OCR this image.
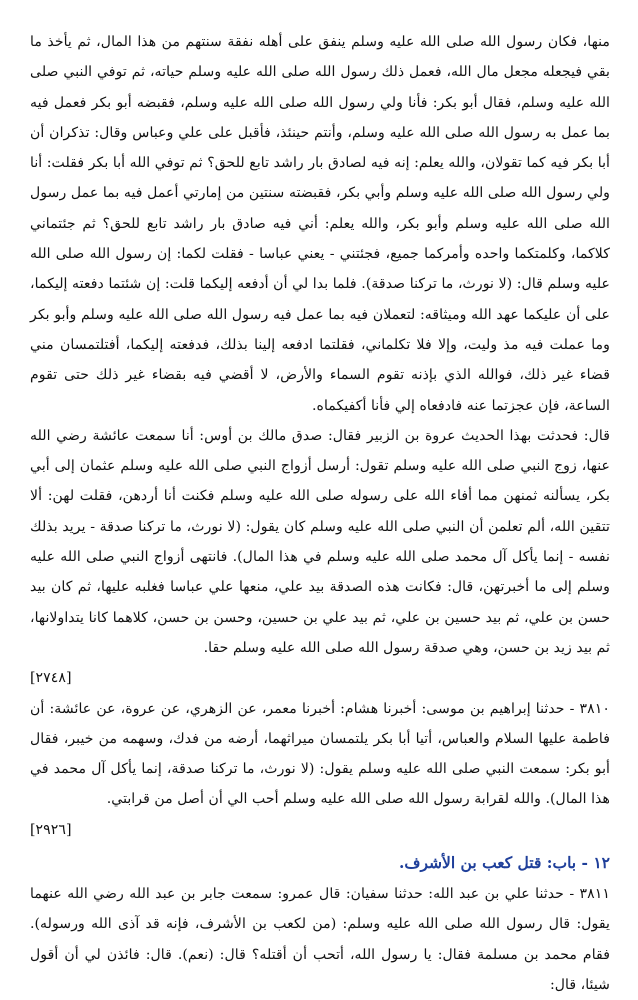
منها، فكان رسول الله صلى الله عليه وسلم ينفق على أهله نفقة سنتهم من هذا المال، ثم يأخذ ما بقي فيجعله مجعل مال الله، فعمل ذلك رسول الله صلى الله عليه وسلم حياته، ثم توفي النبي صلى الله عليه وسلم، فقال أبو بكر: فأنا ولي رسول الله صلى الله عليه وسلم، فقبضه أبو بكر فعمل فيه بما عمل به رسول الله صلى الله عليه وسلم، وأنتم حينئذ، فأقبل على علي وعباس وقال: تذكران أن أبا بكر فيه كما تقولان، والله يعلم: إنه فيه لصادق بار راشد تابع للحق؟ ثم توفي الله أبا بكر فقلت: أنا ولي رسول الله صلى الله عليه وسلم وأبي بكر، فقبضته سنتين من إمارتي أعمل فيه بما عمل رسول الله صلى الله عليه وسلم وأبو بكر، والله يعلم: أني فيه صادق بار راشد تابع للحق؟ ثم جئتماني كلاكما، وكلمتكما واحده وأمركما جميع، فجئتني - يعني عباسا - فقلت لكما: إن رسول الله صلى الله عليه وسلم قال: (لا نورث، ما تركنا صدقة). فلما بدا لي أن أدفعه إليكما قلت: إن شئتما دفعته إليكما، على أن عليكما عهد الله وميثاقه: لتعملان فيه بما عمل فيه رسول الله صلى الله عليه وسلم وأبو بكر وما عملت فيه مذ وليت، وإلا فلا تكلماني، فقلتما ادفعه إلينا بذلك، فدفعته إليكما، أفتلتمسان مني قضاء غير ذلك، فوالله الذي بإذنه تقوم السماء والأرض، لا أقضي فيه بقضاء غير ذلك حتى تقوم الساعة، فإن عجزتما عنه فادفعاه إلي فأنا أكفيكماه.

قال: فحدثت بهذا الحديث عروة بن الزبير فقال: صدق مالك بن أوس: أنا سمعت عائشة رضي الله عنها، زوج النبي صلى الله عليه وسلم تقول: أرسل أزواج النبي صلى الله عليه وسلم عثمان إلى أبي بكر، يسألنه ثمنهن مما أفاء الله على رسوله صلى الله عليه وسلم فكنت أنا أردهن، فقلت لهن: ألا تتقين الله، ألم تعلمن أن النبي صلى الله عليه وسلم كان يقول: (لا نورث، ما تركنا صدقة - يريد بذلك نفسه - إنما يأكل آل محمد صلى الله عليه وسلم في هذا المال). فانتهى أزواج النبي صلى الله عليه وسلم إلى ما أخبرتهن، قال: فكانت هذه الصدقة بيد علي، منعها علي عباسا فغلبه عليها، ثم كان بيد حسن بن علي، ثم بيد حسين بن علي، ثم بيد علي بن حسين، وحسن بن حسن، كلاهما كانا يتداولانها، ثم بيد زيد بن حسن، وهي صدقة رسول الله صلى الله عليه وسلم حقا.

[٢٧٤٨]

٣٨١٠ - حدثنا إبراهيم بن موسى: أخبرنا هشام: أخبرنا معمر، عن الزهري، عن عروة، عن عائشة: أن فاطمة عليها السلام والعباس، أتيا أبا بكر يلتمسان ميراثهما، أرضه من فدك، وسهمه من خيبر، فقال أبو بكر: سمعت النبي صلى الله عليه وسلم يقول: (لا نورث، ما تركنا صدقة، إنما يأكل آل محمد في هذا المال). والله لقرابة رسول الله صلى الله عليه وسلم أحب الي أن أصل من قرابتي.

[٢٩٢٦]

١٢ - باب: قتل كعب بن الأشرف.

٣٨١١ - حدثنا علي بن عبد الله: حدثنا سفيان: قال عمرو: سمعت جابر بن عبد الله رضي الله عنهما يقول: قال رسول الله صلى الله عليه وسلم: (من لكعب بن الأشرف، فإنه قد آذى الله ورسوله). فقام محمد بن مسلمة فقال: يا رسول الله، أتحب أن أقتله؟ قال: (نعم). قال: فائذن لي أن أقول شيئا، قال:
